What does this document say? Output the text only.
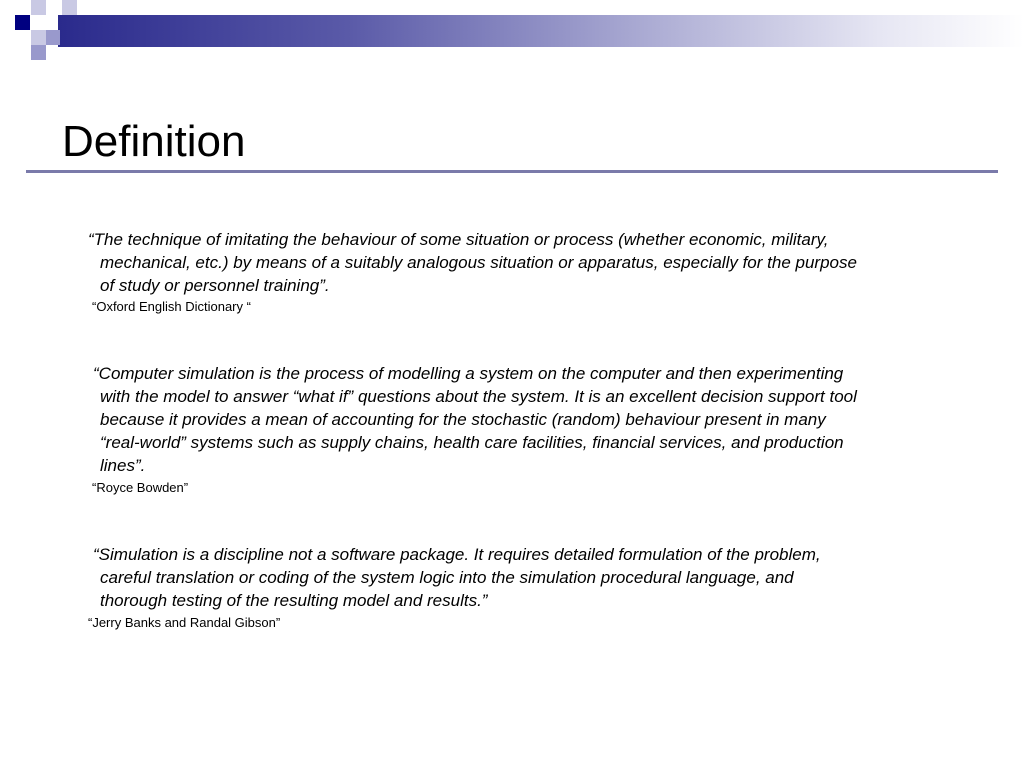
Definition

“The technique of imitating the behaviour of some situation or process (whether economic, military,
mechanical, etc.) by means of a suitably analogous situation or apparatus, especially for the purpose
of study or personnel training”.

“Oxford English Dictionary “

“Computer simulation is the process of modelling a system on the computer and then experimenting
with the model to answer “what if” questions about the system. It is an excellent decision support tool
because it provides a mean of accounting for the stochastic (random) behaviour present in many
“real-world” systems such as supply chains, health care facilities, financial services, and production
lines”.

“Royce Bowden”

“Simulation is a discipline not a software package. It requires detailed formulation of the problem,
careful translation or coding of the system logic into the simulation procedural language, and
thorough testing of the resulting model and results.”

“Jerry Banks and Randal Gibson”
